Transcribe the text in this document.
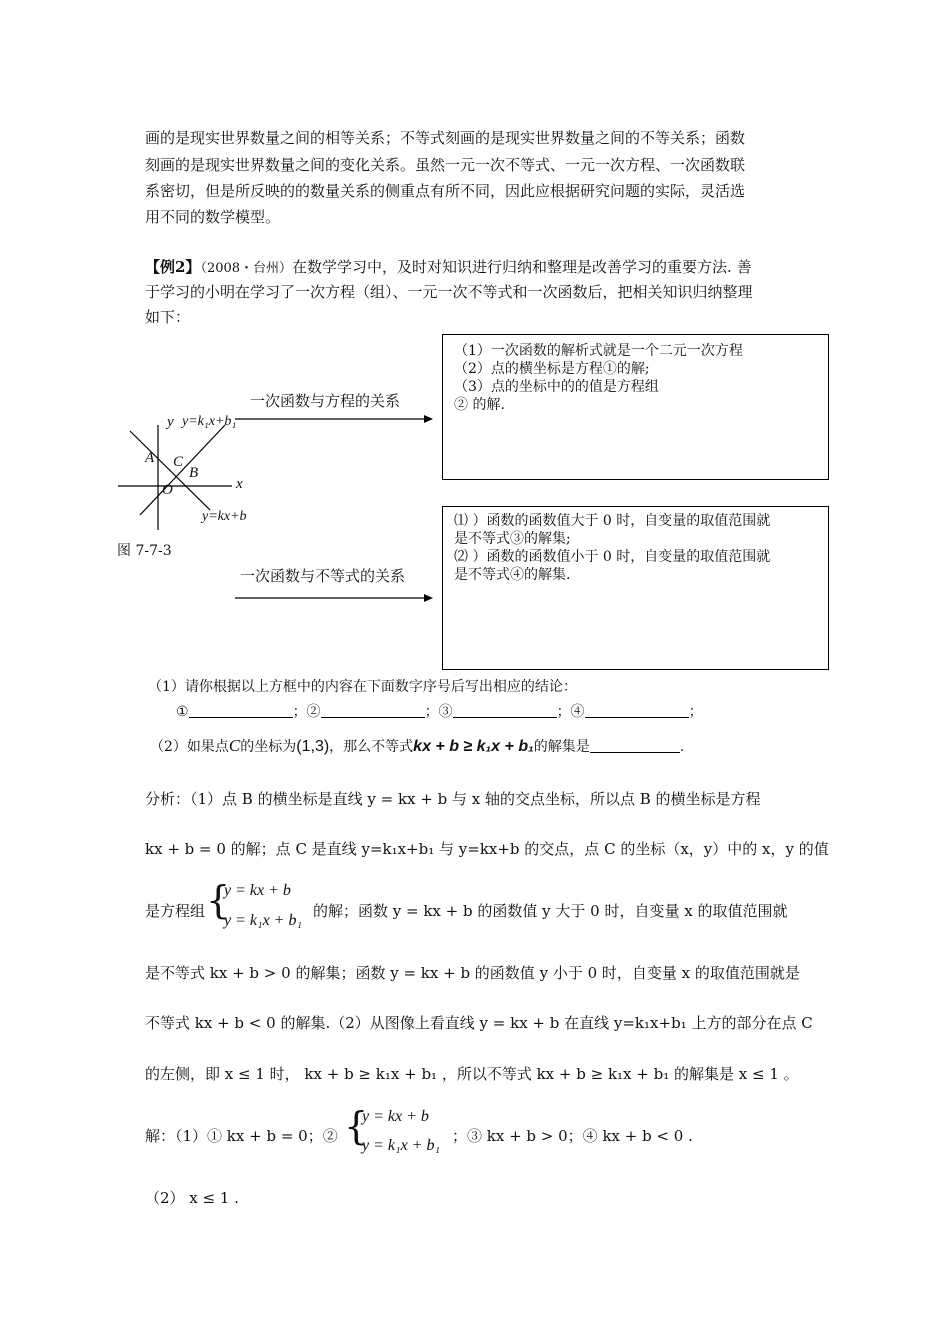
画的是现实世界数量之间的相等关系；不等式刻画的是现实世界数量之间的不等关系；函数
刻画的是现实世界数量之间的变化关系。虽然一元一次不等式、一元一次方程、一次函数联
系密切，但是所反映的的数量关系的侧重点有所不同，因此应根据研究问题的实际，灵活选
用不同的数学模型。
【例2】（2008・台州）在数学学习中，及时对知识进行归纳和整理是改善学习的重要方法. 善
于学习的小明在学习了一次方程（组）、一元一次不等式和一次函数后，把相关知识归纳整理
如下：
y y=k₁x+b₁
A C
B
O	x
y=kx+b
图 7-7-3
一次函数与方程的关系
一次函数与不等式的关系
（1）一次函数的解析式就是一个二元一次方程
（2）点的横坐标是方程①的解;
（3）点的坐标中的的值是方程组
② 的解.
⑴ ）函数的函数值大于 0 时，自变量的取值范围就
是不等式③的解集;
⑵ ）函数的函数值小于 0 时，自变量的取值范围就
是不等式④的解集.
（1）请你根据以上方框中的内容在下面数字序号后写出相应的结论：
①	；②	；③	；④	；
（2）如果点C的坐标为(1,3)，那么不等式kx + b ≥ k₁x + b₁的解集是	.
分析：（1）点 B 的横坐标是直线 y = kx + b 与 x 轴的交点坐标，所以点 B 的横坐标是方程
kx + b = 0 的解；点 C 是直线 y=k₁x+b₁ 与 y=kx+b 的交点，点 C 的坐标（x，y）中的 x，y 的值
是方程组 {
y = kx + b
y = k₁x + b₁
的解；函数 y = kx + b 的函数值 y 大于 0 时，自变量 x 的取值范围就
是不等式 kx + b > 0 的解集；函数 y = kx + b 的函数值 y 小于 0 时，自变量 x 的取值范围就是
不等式 kx + b < 0 的解集.（2）从图像上看直线 y = kx + b 在直线 y=k₁x+b₁ 上方的部分在点 C
的左侧，即 x ≤ 1 时， kx + b ≥ k₁x + b₁ ，所以不等式 kx + b ≥ k₁x + b₁ 的解集是 x ≤ 1 。
解：（1）① kx + b = 0；② {
y = kx + b
y = k₁x + b₁
；③ kx + b > 0；④ kx + b < 0 .
（2） x ≤ 1 .
